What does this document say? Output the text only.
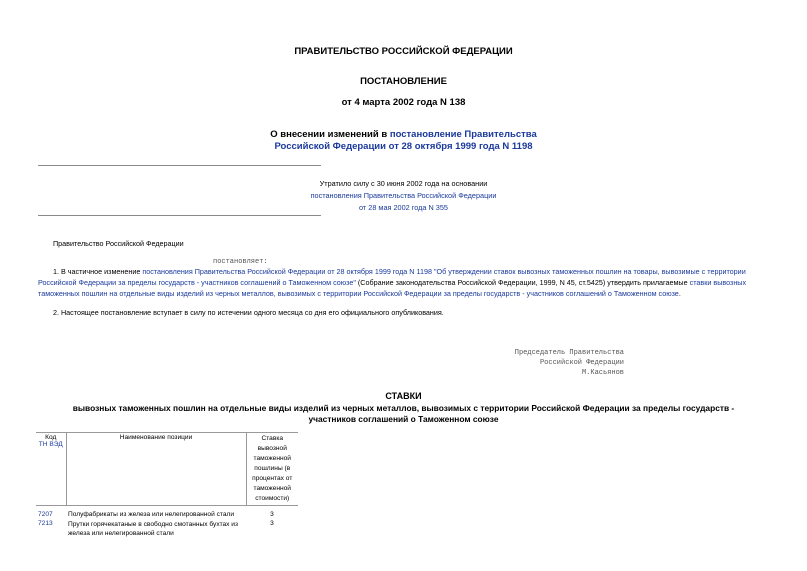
ПРАВИТЕЛЬСТВО РОССИЙСКОЙ ФЕДЕРАЦИИ
ПОСТАНОВЛЕНИЕ
от 4 марта 2002 года N 138
О внесении изменений в постановление Правительства
Российской Федерации от 28 октября 1999 года N 1198
Утратило силу с 30 июня 2002 года на основании
постановления Правительства Российской Федерации
от 28 мая 2002 года N 355
Правительство Российской Федерации
постановляет:
1. В частичное изменение постановления Правительства Российской Федерации от 28 октября 1999 года N 1198 "Об утверждении ставок вывозных таможенных пошлин на товары, вывозимые с территории Российской Федерации за пределы государств - участников соглашений о Таможенном союзе" (Собрание законодательства Российской Федерации, 1999, N 45, ст.5425) утвердить прилагаемые ставки вывозных таможенных пошлин на отдельные виды изделий из черных металлов, вывозимых с территории Российской Федерации за пределы государств - участников соглашений о Таможенном союзе.
2. Настоящее постановление вступает в силу по истечении одного месяца со дня его официального опубликования.
Председатель Правительства
Российской Федерации
М.Касьянов
СТАВКИ
вывозных таможенных пошлин на отдельные виды изделий из черных металлов, вывозимых с территории Российской Федерации за пределы государств -
участников соглашений о Таможенном союзе
Код
ТН ВЭД	Наименование позиции	Ставка вывозной таможенной пошлины (в процентах от таможенной стоимости)
7207	Полуфабрикаты из железа или нелегированной стали	3
7213	Прутки горячекатаные в свободно смотанных бухтах из железа или нелегированной стали	3
